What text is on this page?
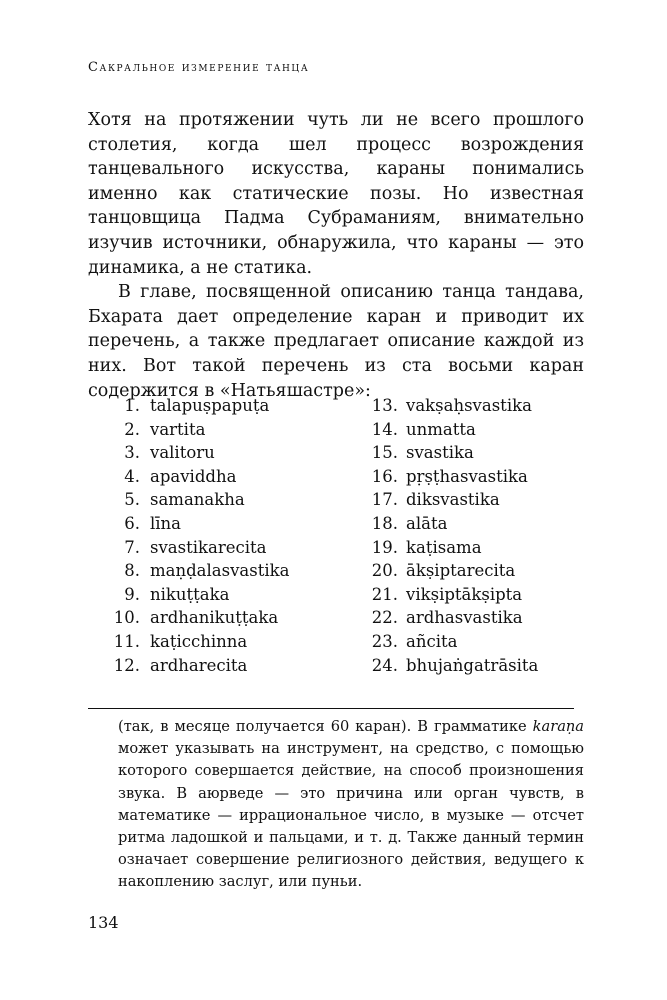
Сакральное измерение танца

Хотя на протяжении чуть ли не всего прошлого столетия, когда шел процесс возрождения танцевального искусства, караны понимались именно как статические позы. Но известная танцовщица Падма Субраманиям, внимательно изучив источники, обнаружила, что караны — это динамика, а не статика.

В главе, посвященной описанию танца тандава, Бхарата дает определение каран и приводит их перечень, а также предлагает описание каждой из них. Вот такой перечень из ста восьми каран содержится в «Натьяшастре»:

1. talapuṣpapuṭa
2. vartita
3. valitoru
4. apaviddha
5. samanakha
6. līna
7. svastikarecita
8. maṇḍalasvastika
9. nikuṭṭaka
10. ardhanikuṭṭaka
11. kaṭicchinna
12. ardharecita
13. vakṣaḥsvastika
14. unmatta
15. svastika
16. pṛṣṭhasvastika
17. diksvastika
18. alāta
19. kaṭisama
20. ākṣiptarecita
21. vikṣiptākṣipta
22. ardhasvastika
23. añcita
24. bhujaṅgatrāsita

(так, в месяце получается 60 каран). В грамматике karaṇa может указывать на инструмент, на средство, с помощью которого совершается действие, на способ произношения звука. В аюрведе — это причина или орган чувств, в математике — иррациональное число, в музыке — отсчет ритма ладошкой и пальцами, и т. д. Также данный термин означает совершение религиозного действия, ведущего к накоплению заслуг, или пуньи.

134
